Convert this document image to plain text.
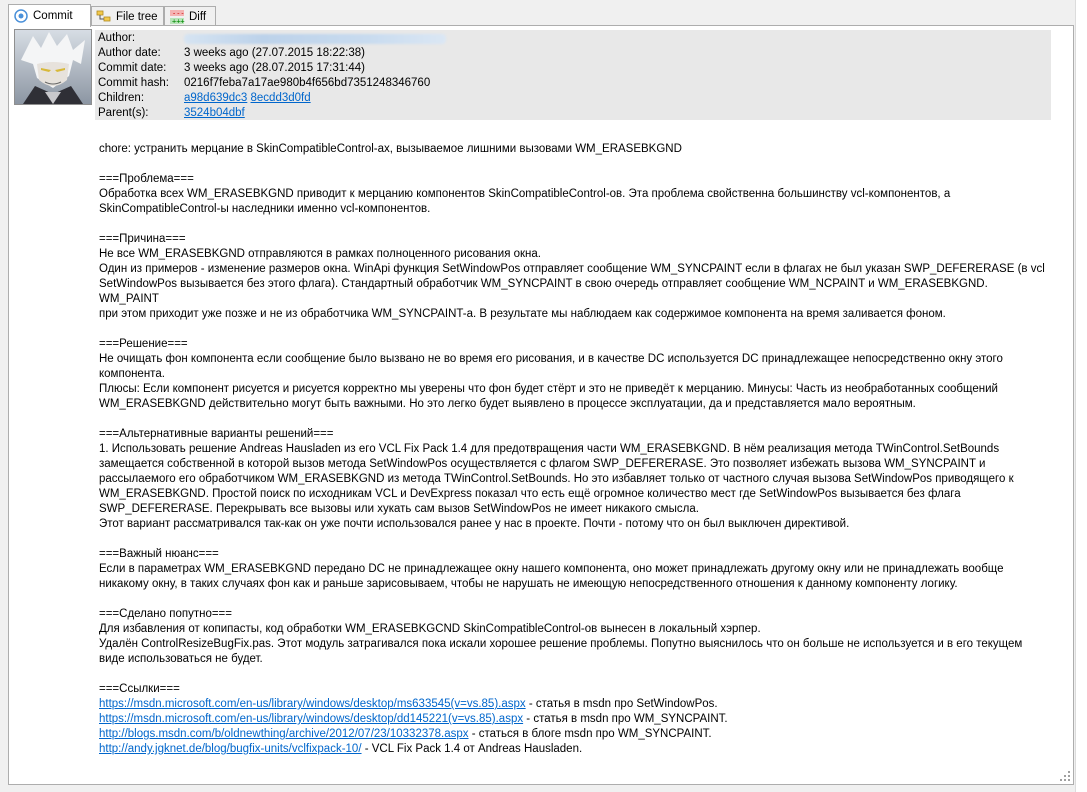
Commit	File tree ---
+++ Diff
Author:
Author date: 3 weeks ago (27.07.2015 18:22:38)
Commit date: 3 weeks ago (28.07.2015 17:31:44)
Commit hash: 0216f7feba7a17ae980b4f656bd7351248346760
Children:	a98d639dc3 8ecdd3d0fd
Parent(s):	3524b04dbf
chore: устранить мерцание в SkinCompatibleControl-ах, вызываемое лишними вызовами WM_ERASEBKGND
===Проблема===
Обработка всех WM_ERASEBKGND приводит к мерцанию компонентов SkinCompatibleControl-ов. Эта проблема свойственна большинству vcl-компонентов, а
SkinCompatibleControl-ы наследники именно vcl-компонентов.
===Причина===
Не все WM_ERASEBKGND отправляются в рамках полноценного рисования окна.
Один из примеров - изменение размеров окна. WinApi функция SetWindowPos отправляет сообщение WM_SYNCPAINT если в флагах не был указан SWP_DEFERERASE (в vcl
SetWindowPos вызывается без этого флага). Стандартный обработчик WM_SYNCPAINT в свою очередь отправляет сообщение WM_NCPAINT и WM_ERASEBKGND. WM_PAINT
при этом приходит уже позже и не из обработчика WM_SYNCPAINT-а. В результате мы наблюдаем как содержимое компонента на время заливается фоном.
===Решение===
Не очищать фон компонента если сообщение было вызвано не во время его рисования, и в качестве DC используется DC принадлежащее непосредственно окну этого
компонента.
Плюсы: Если компонент рисуется и рисуется корректно мы уверены что фон будет стёрт и это не приведёт к мерцанию. Минусы: Часть из необработанных сообщений
WM_ERASEBKGND действительно могут быть важными. Но это легко будет выявлено в процессе эксплуатации, да и представляется мало вероятным.
===Альтернативные варианты решений===
1. Использовать решение Andreas Hausladen из его VCL Fix Pack 1.4 для предотвращения части WM_ERASEBKGND. В нём реализация метода TWinControl.SetBounds
замещается собственной в которой вызов метода SetWindowPos осуществляется с флагом SWP_DEFERERASE. Это позволяет избежать вызова WM_SYNCPAINT и
рассылаемого его обработчиком WM_ERASEBKGND из метода TWinControl.SetBounds. Но это избавляет только от частного случая вызова SetWindowPos приводящего к
WM_ERASEBKGND. Простой поиск по исходникам VCL и DevExpress показал что есть ещё огромное количество мест где SetWindowPos вызывается без флага
SWP_DEFERERASE. Перекрывать все вызовы или хукать сам вызов SetWindowPos не имеет никакого смысла.
Этот вариант рассматривался так-как он уже почти использовался ранее у нас в проекте. Почти - потому что он был выключен директивой.
===Важный нюанс===
Если в параметрах WM_ERASEBKGND передано DC не принадлежащее окну нашего компонента, оно может принадлежать другому окну или не принадлежать вообще
никакому окну, в таких случаях фон как и раньше зарисовываем, чтобы не нарушать не имеющую непосредственного отношения к данному компоненту логику.
===Сделано попутно===
Для избавления от копипасты, код обработки WM_ERASEBKGCND SkinCompatibleControl-ов вынесен в локальный хэрпер.
Удалён ControlResizeBugFix.pas. Этот модуль затрагивался пока искали хорошее решение проблемы. Попутно выяснилось что он больше не используется и в его текущем
виде использоваться не будет.
===Ссылки===
https://msdn.microsoft.com/en-us/library/windows/desktop/ms633545(v=vs.85).aspx - статья в msdn про SetWindowPos.
https://msdn.microsoft.com/en-us/library/windows/desktop/dd145221(v=vs.85).aspx - статья в msdn про WM_SYNCPAINT.
http://blogs.msdn.com/b/oldnewthing/archive/2012/07/23/10332378.aspx - статься в блоге msdn про WM_SYNCPAINT.
http://andy.jgknet.de/blog/bugfix-units/vclfixpack-10/ - VCL Fix Pack 1.4 от Andreas Hausladen.
